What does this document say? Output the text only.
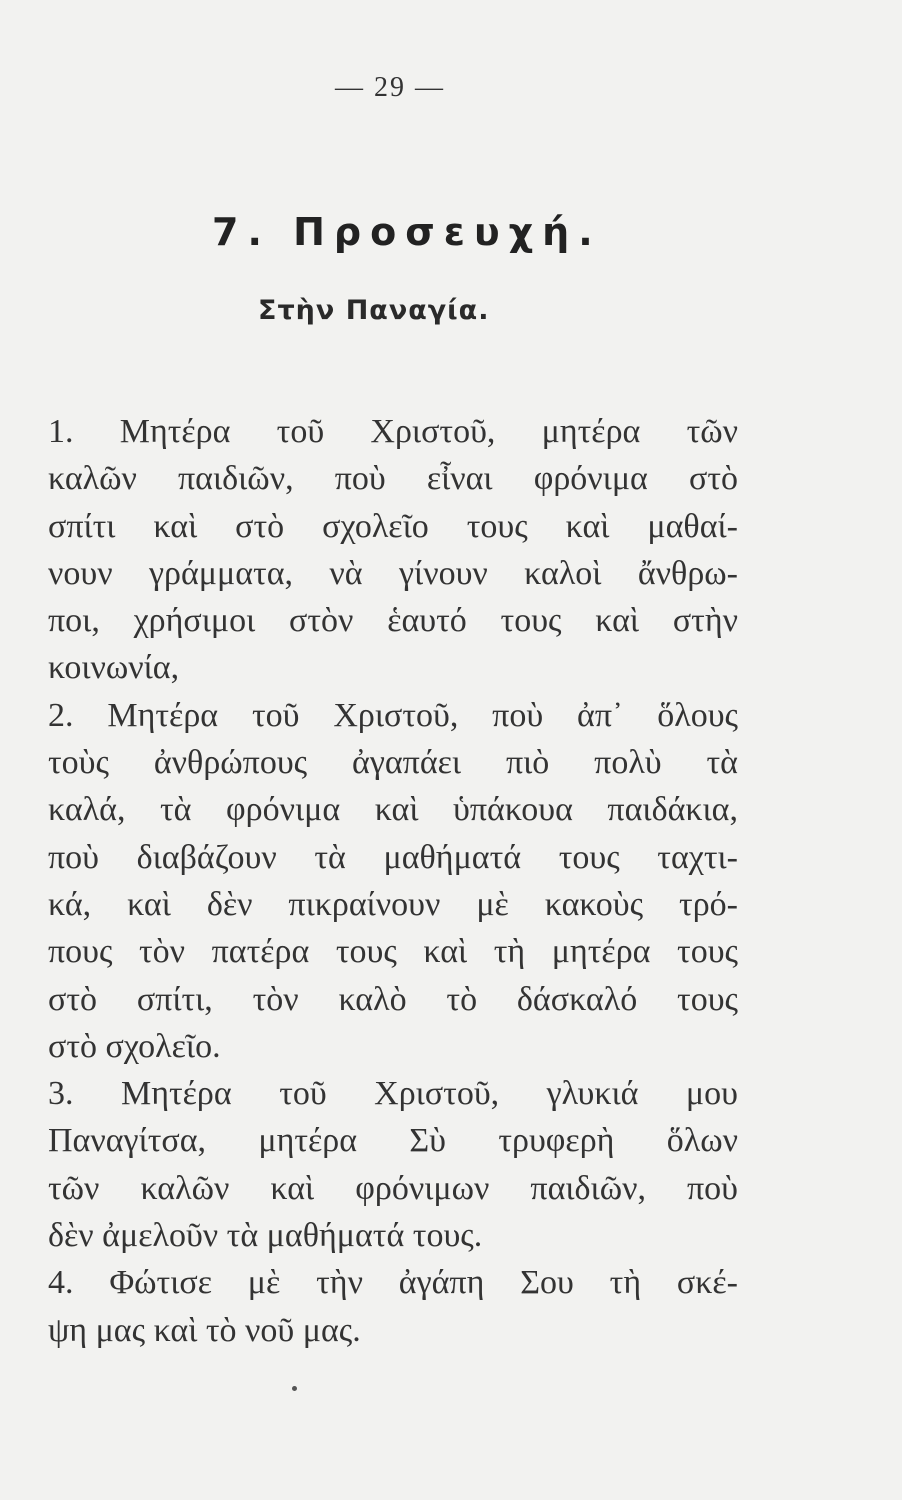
— 29 —
7. Προσευχή.
Στὴν Παναγία.
1. Μητέρα τοῦ Χριστοῦ, μητέρα τῶν
καλῶν παιδιῶν, ποὺ εἶναι φρόνιμα στὸ
σπίτι καὶ στὸ σχολεῖο τους καὶ μαθαί-
νουν γράμματα, νὰ γίνουν καλοὶ ἄνθρω-
ποι, χρήσιμοι στὸν ἑαυτό τους καὶ στὴν
κοινωνία,
2. Μητέρα τοῦ Χριστοῦ, ποὺ ἀπ᾽ ὅλους
τοὺς ἀνθρώπους ἀγαπάει πιὸ πολὺ τὰ
καλά, τὰ φρόνιμα καὶ ὑπάκουα παιδάκια,
ποὺ διαβάζουν τὰ μαθήματά τους ταχτι-
κά, καὶ δὲν πικραίνουν μὲ κακοὺς τρό-
πους τὸν πατέρα τους καὶ τὴ μητέρα τους
στὸ σπίτι, τὸν καλὸ τὸ δάσκαλό τους
στὸ σχολεῖο.
3. Μητέρα τοῦ Χριστοῦ, γλυκιά μου
Παναγίτσα, μητέρα Σὺ τρυφερὴ ὅλων
τῶν καλῶν καὶ φρόνιμων παιδιῶν, ποὺ
δὲν ἀμελοῦν τὰ μαθήματά τους.
4. Φώτισε μὲ τὴν ἀγάπη Σου τὴ σκέ-
ψη μας καὶ τὸ νοῦ μας.
